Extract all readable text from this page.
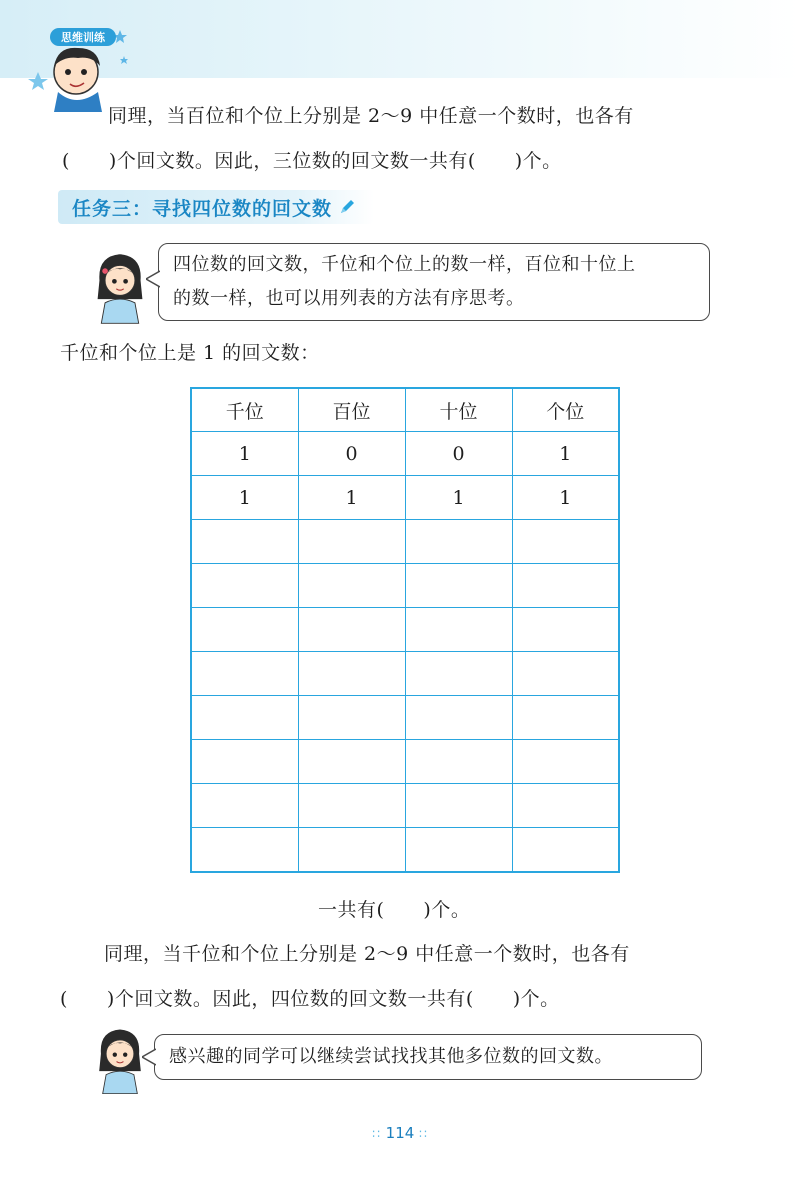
思维训练
同理，当百位和个位上分别是 2～9 中任意一个数时，也各有
(　　)个回文数。因此，三位数的回文数一共有(　　)个。
任务三：寻找四位数的回文数
四位数的回文数，千位和个位上的数一样，百位和十位上
的数一样，也可以用列表的方法有序思考。
千位和个位上是 1 的回文数：
千位	百位	十位	个位
1	0	0	1
1	1	1	1

一共有(　　)个。
同理，当千位和个位上分别是 2～9 中任意一个数时，也各有
(　　)个回文数。因此，四位数的回文数一共有(　　)个。
感兴趣的同学可以继续尝试找找其他多位数的回文数。
∷ 114 ∷
